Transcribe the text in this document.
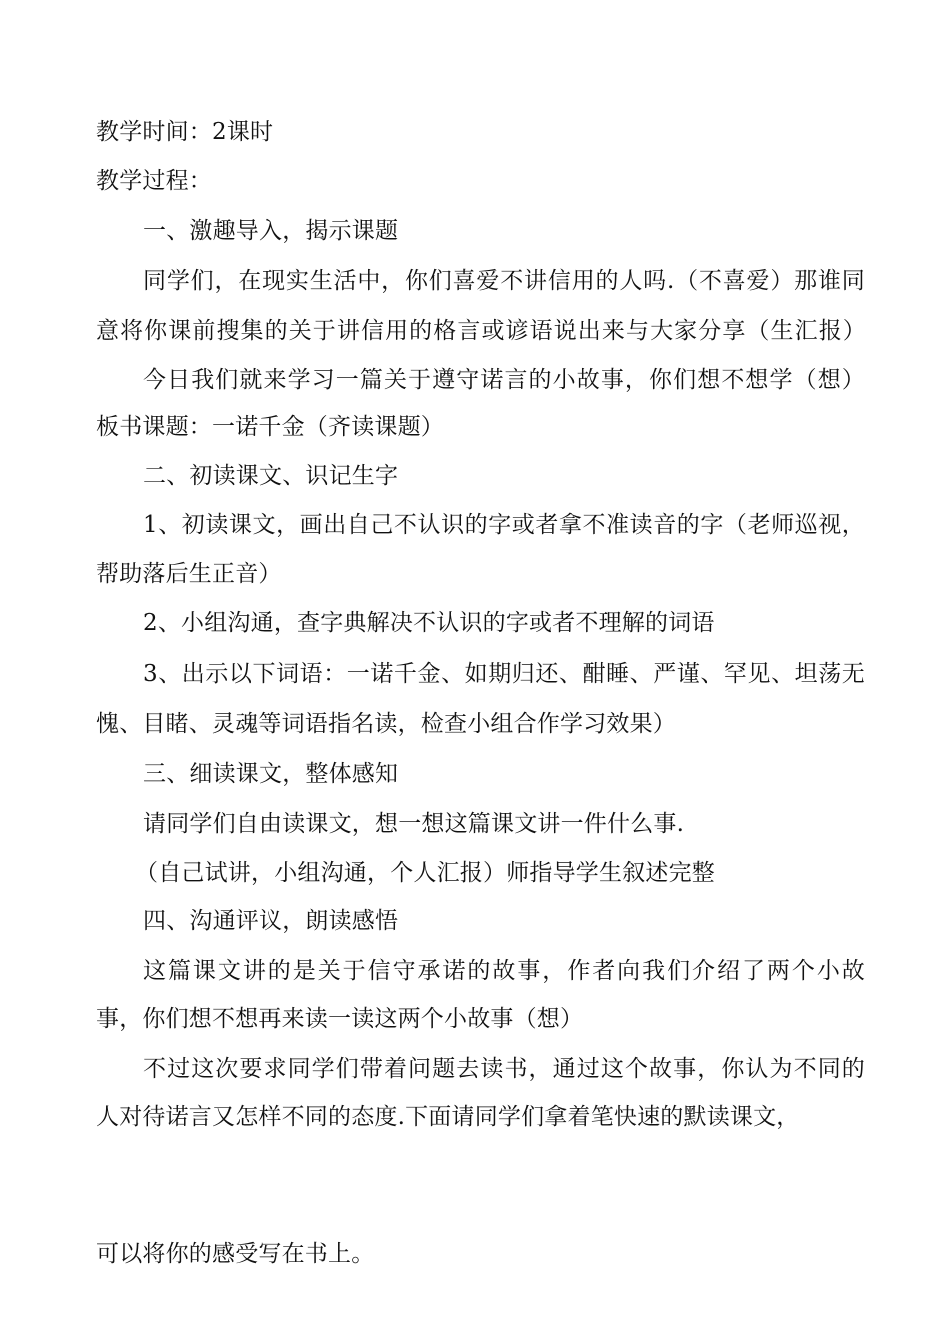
教学时间：2课时
教学过程：
一、激趣导入，揭示课题
同学们，在现实生活中，你们喜爱不讲信用的人吗.（不喜爱）那谁同
意将你课前搜集的关于讲信用的格言或谚语说出来与大家分享（生汇报）
今日我们就来学习一篇关于遵守诺言的小故事，你们想不想学（想）
板书课题：一诺千金（齐读课题）
二、初读课文、识记生字
1、初读课文，画出自己不认识的字或者拿不准读音的字（老师巡视，
帮助落后生正音）
2、小组沟通，查字典解决不认识的字或者不理解的词语
3、出示以下词语：一诺千金、如期归还、酣睡、严谨、罕见、坦荡无
愧、目睹、灵魂等词语指名读，检查小组合作学习效果）
三、细读课文，整体感知
请同学们自由读课文，想一想这篇课文讲一件什么事.
（自己试讲，小组沟通，个人汇报）师指导学生叙述完整
四、沟通评议，朗读感悟
这篇课文讲的是关于信守承诺的故事，作者向我们介绍了两个小故
事，你们想不想再来读一读这两个小故事（想）
不过这次要求同学们带着问题去读书，通过这个故事，你认为不同的
人对待诺言又怎样不同的态度.下面请同学们拿着笔快速的默读课文，
可以将你的感受写在书上。
